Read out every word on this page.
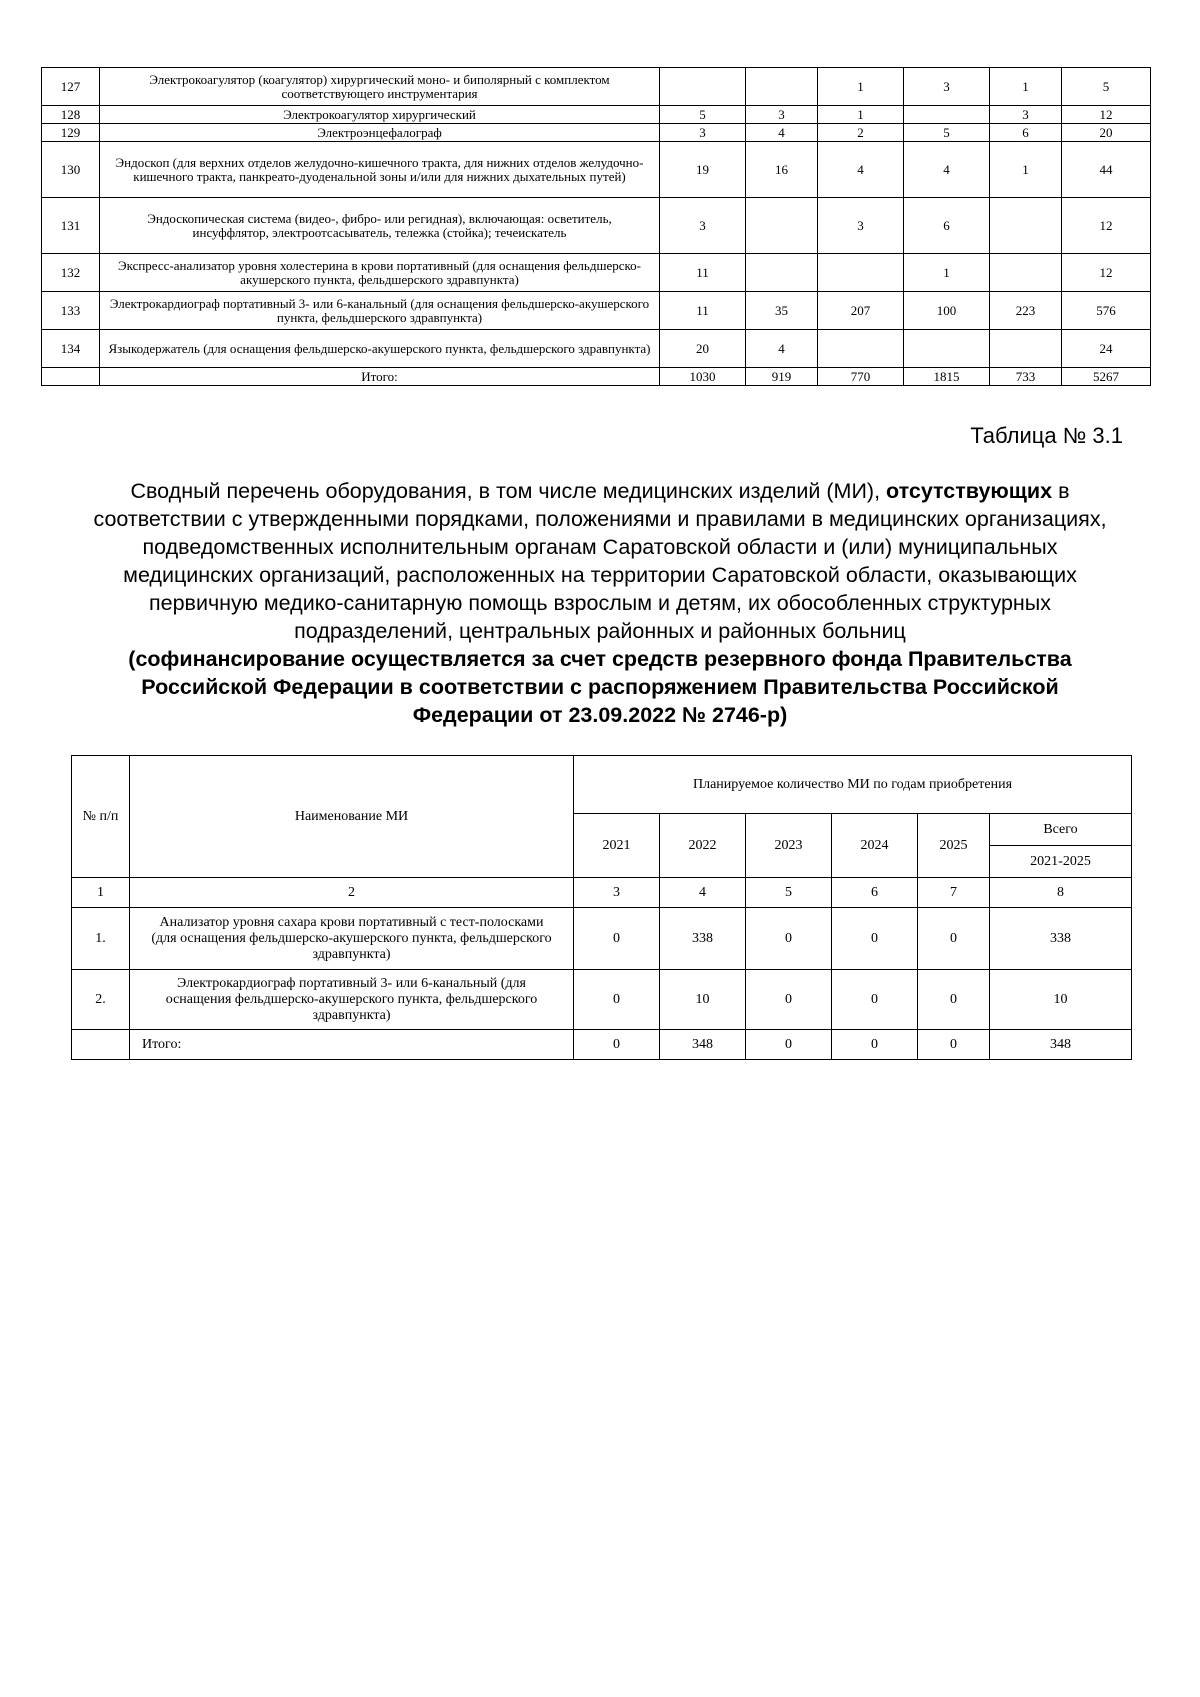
127	Электрокоагулятор (коагулятор) хирургический моно- и биполярный с комплектом соответствующего инструментария			1	3	1	5
128	Электрокоагулятор хирургический	5	3	1		3	12
129	Электроэнцефалограф	3	4	2	5	6	20
130	Эндоскоп (для верхних отделов желудочно-кишечного тракта, для нижних отделов желудочно-кишечного тракта, панкреато-дуоденальной зоны и/или для нижних дыхательных путей)	19	16	4	4	1	44
131	Эндоскопическая система (видео-, фибро- или регидная), включающая: осветитель, инсуффлятор, электроотсасыватель, тележка (стойка); течеискатель	3		3	6		12
132	Экспресс-анализатор уровня холестерина в крови портативный (для оснащения фельдшерско-акушерского пункта, фельдшерского здравпункта)	11			1		12
133	Электрокардиограф портативный 3- или 6-канальный (для оснащения фельдшерско-акушерского пункта, фельдшерского здравпункта)	11	35	207	100	223	576
134	Языкодержатель (для оснащения фельдшерско-акушерского пункта, фельдшерского здравпункта)	20	4				24
	Итого:	1030	919	770	1815	733	5267
Таблица № 3.1
Сводный перечень оборудования, в том числе медицинских изделий (МИ), отсутствующих в соответствии с утвержденными порядками, положениями и правилами в медицинских организациях, подведомственных исполнительным органам Саратовской области и (или) муниципальных медицинских организаций, расположенных на территории Саратовской области, оказывающих первичную медико-санитарную помощь взрослым и детям, их обособленных структурных подразделений, центральных районных и районных больниц
(софинансирование осуществляется за счет средств резервного фонда Правительства Российской Федерации в соответствии с распоряжением Правительства Российской Федерации от 23.09.2022 № 2746-р)
№ п/п	Наименование МИ	Планируемое количество МИ по годам приобретения					
		2021	2022	2023	2024	2025	Всего
							2021-2025
1	2	3	4	5	6	7	8
1.	Анализатор уровня сахара крови портативный с тест-полосками (для оснащения фельдшерско-акушерского пункта, фельдшерского здравпункта)	0	338	0	0	0	338
2.	Электрокардиограф портативный 3- или 6-канальный (для оснащения фельдшерско-акушерского пункта, фельдшерского здравпункта)	0	10	0	0	0	10
	Итого:	0	348	0	0	0	348
